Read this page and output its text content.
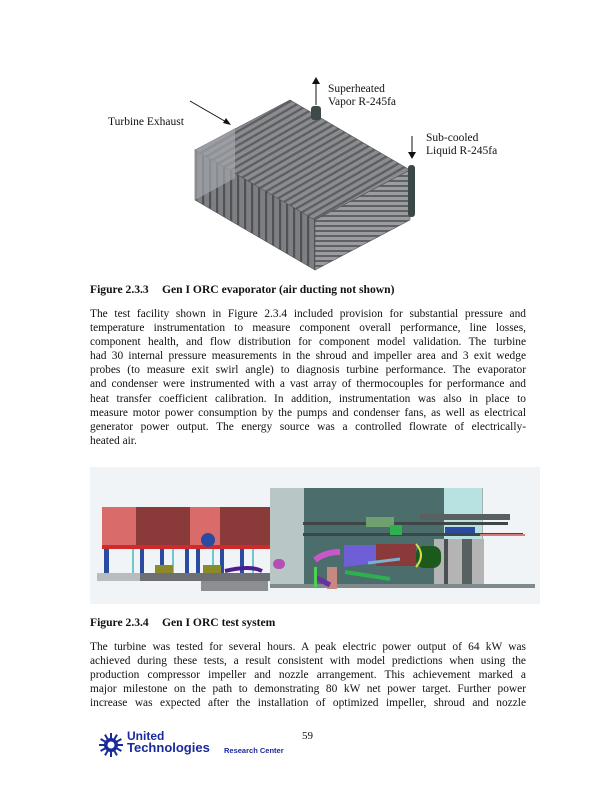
Turbine Exhaust
Superheated
Vapor R-245fa
Sub-cooled
Liquid R-245fa
Figure 2.3.3 Gen I ORC evaporator (air ducting not shown)
The test facility shown in Figure 2.3.4 included provision for substantial pressure and
temperature instrumentation to measure component overall performance, line losses,
component health, and flow distribution for component model validation. The turbine
had 30 internal pressure measurements in the shroud and impeller area and 3 exit wedge
probes (to measure exit swirl angle) to diagnosis turbine performance. The evaporator
and condenser were instrumented with a vast array of thermocouples for performance and
heat transfer coefficient calibration. In addition, instrumentation was also in place to
measure motor power consumption by the pumps and condenser fans, as well as electrical
generator power output. The energy source was a controlled flowrate of electrically-
heated air.
Figure 2.3.4 Gen I ORC test system
The turbine was tested for several hours. A peak electric power output of 64 kW was
achieved during these tests, a result consistent with model predictions when using the
production compressor impeller and nozzle arrangement. This achievement marked a
major milestone on the path to demonstrating 80 kW net power target. Further power
increase was expected after the installation of optimized impeller, shroud and nozzle
United
Technologies Research Center
59
